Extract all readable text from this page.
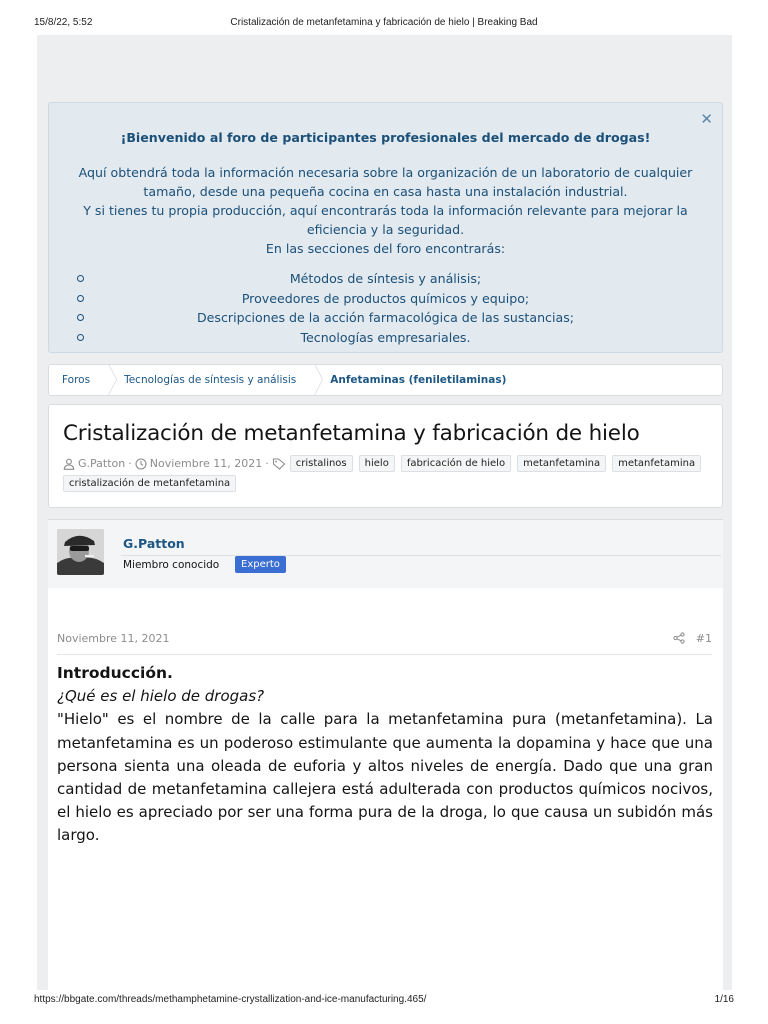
15/8/22, 5:52	Cristalización de metanfetamina y fabricación de hielo | Breaking Bad
✕
¡Bienvenido al foro de participantes profesionales del mercado de drogas!
Aquí obtendrá toda la información necesaria sobre la organización de un laboratorio de cualquier tamaño, desde una pequeña cocina en casa hasta una instalación industrial.
Y si tienes tu propia producción, aquí encontrarás toda la información relevante para mejorar la eficiencia y la seguridad.
En las secciones del foro encontrarás:
Métodos de síntesis y análisis;
Proveedores de productos químicos y equipo;
Descripciones de la acción farmacológica de las sustancias;
Tecnologías empresariales.
Foros	Tecnologías de síntesis y análisis	Anfetaminas (feniletilaminas)
Cristalización de metanfetamina y fabricación de hielo
G.Patton · Noviembre 11, 2021 ·	cristalinos	hielo	fabricación de hielo	metanfetamina	metanfetamina
cristalización de metanfetamina
G.Patton
Miembro conocido	Experto
Noviembre 11, 2021	#1
Introducción.
¿Qué es el hielo de drogas?
"Hielo" es el nombre de la calle para la metanfetamina pura (metanfetamina). La metanfetamina es un poderoso estimulante que aumenta la dopamina y hace que una persona sienta una oleada de euforia y altos niveles de energía. Dado que una gran cantidad de metanfetamina callejera está adulterada con productos químicos nocivos, el hielo es apreciado por ser una forma pura de la droga, lo que causa un subidón más largo.
https://bbgate.com/threads/methamphetamine-crystallization-and-ice-manufacturing.465/	1/16
